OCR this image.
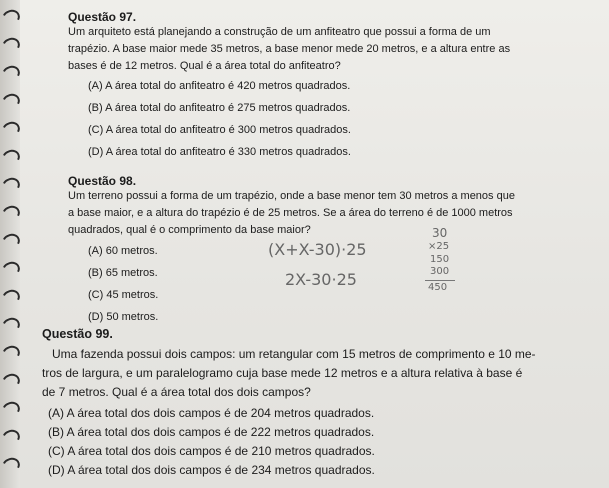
Questão 97.
Um arquiteto está planejando a construção de um anfiteatro que possui a forma de um
trapézio. A base maior mede 35 metros, a base menor mede 20 metros, e a altura entre as
bases é de 12 metros. Qual é a área total do anfiteatro?
(A) A área total do anfiteatro é 420 metros quadrados.
(B) A área total do anfiteatro é 275 metros quadrados.
(C) A área total do anfiteatro é 300 metros quadrados.
(D) A área total do anfiteatro é 330 metros quadrados.
Questão 98.
Um terreno possui a forma de um trapézio, onde a base menor tem 30 metros a menos que
a base maior, e a altura do trapézio é de 25 metros. Se a área do terreno é de 1000 metros
quadrados, qual é o comprimento da base maior?
(A) 60 metros.
(B) 65 metros.
(C) 45 metros.
(D) 50 metros.
(X+X-30)·25
2X-30·25
30
×25
150
300
450
Questão 99.
Uma fazenda possui dois campos: um retangular com 15 metros de comprimento e 10 me-
tros de largura, e um paralelogramo cuja base mede 12 metros e a altura relativa à base é
de 7 metros. Qual é a área total dos dois campos?
(A) A área total dos dois campos é de 204 metros quadrados.
(B) A área total dos dois campos é de 222 metros quadrados.
(C) A área total dos dois campos é de 210 metros quadrados.
(D) A área total dos dois campos é de 234 metros quadrados.
